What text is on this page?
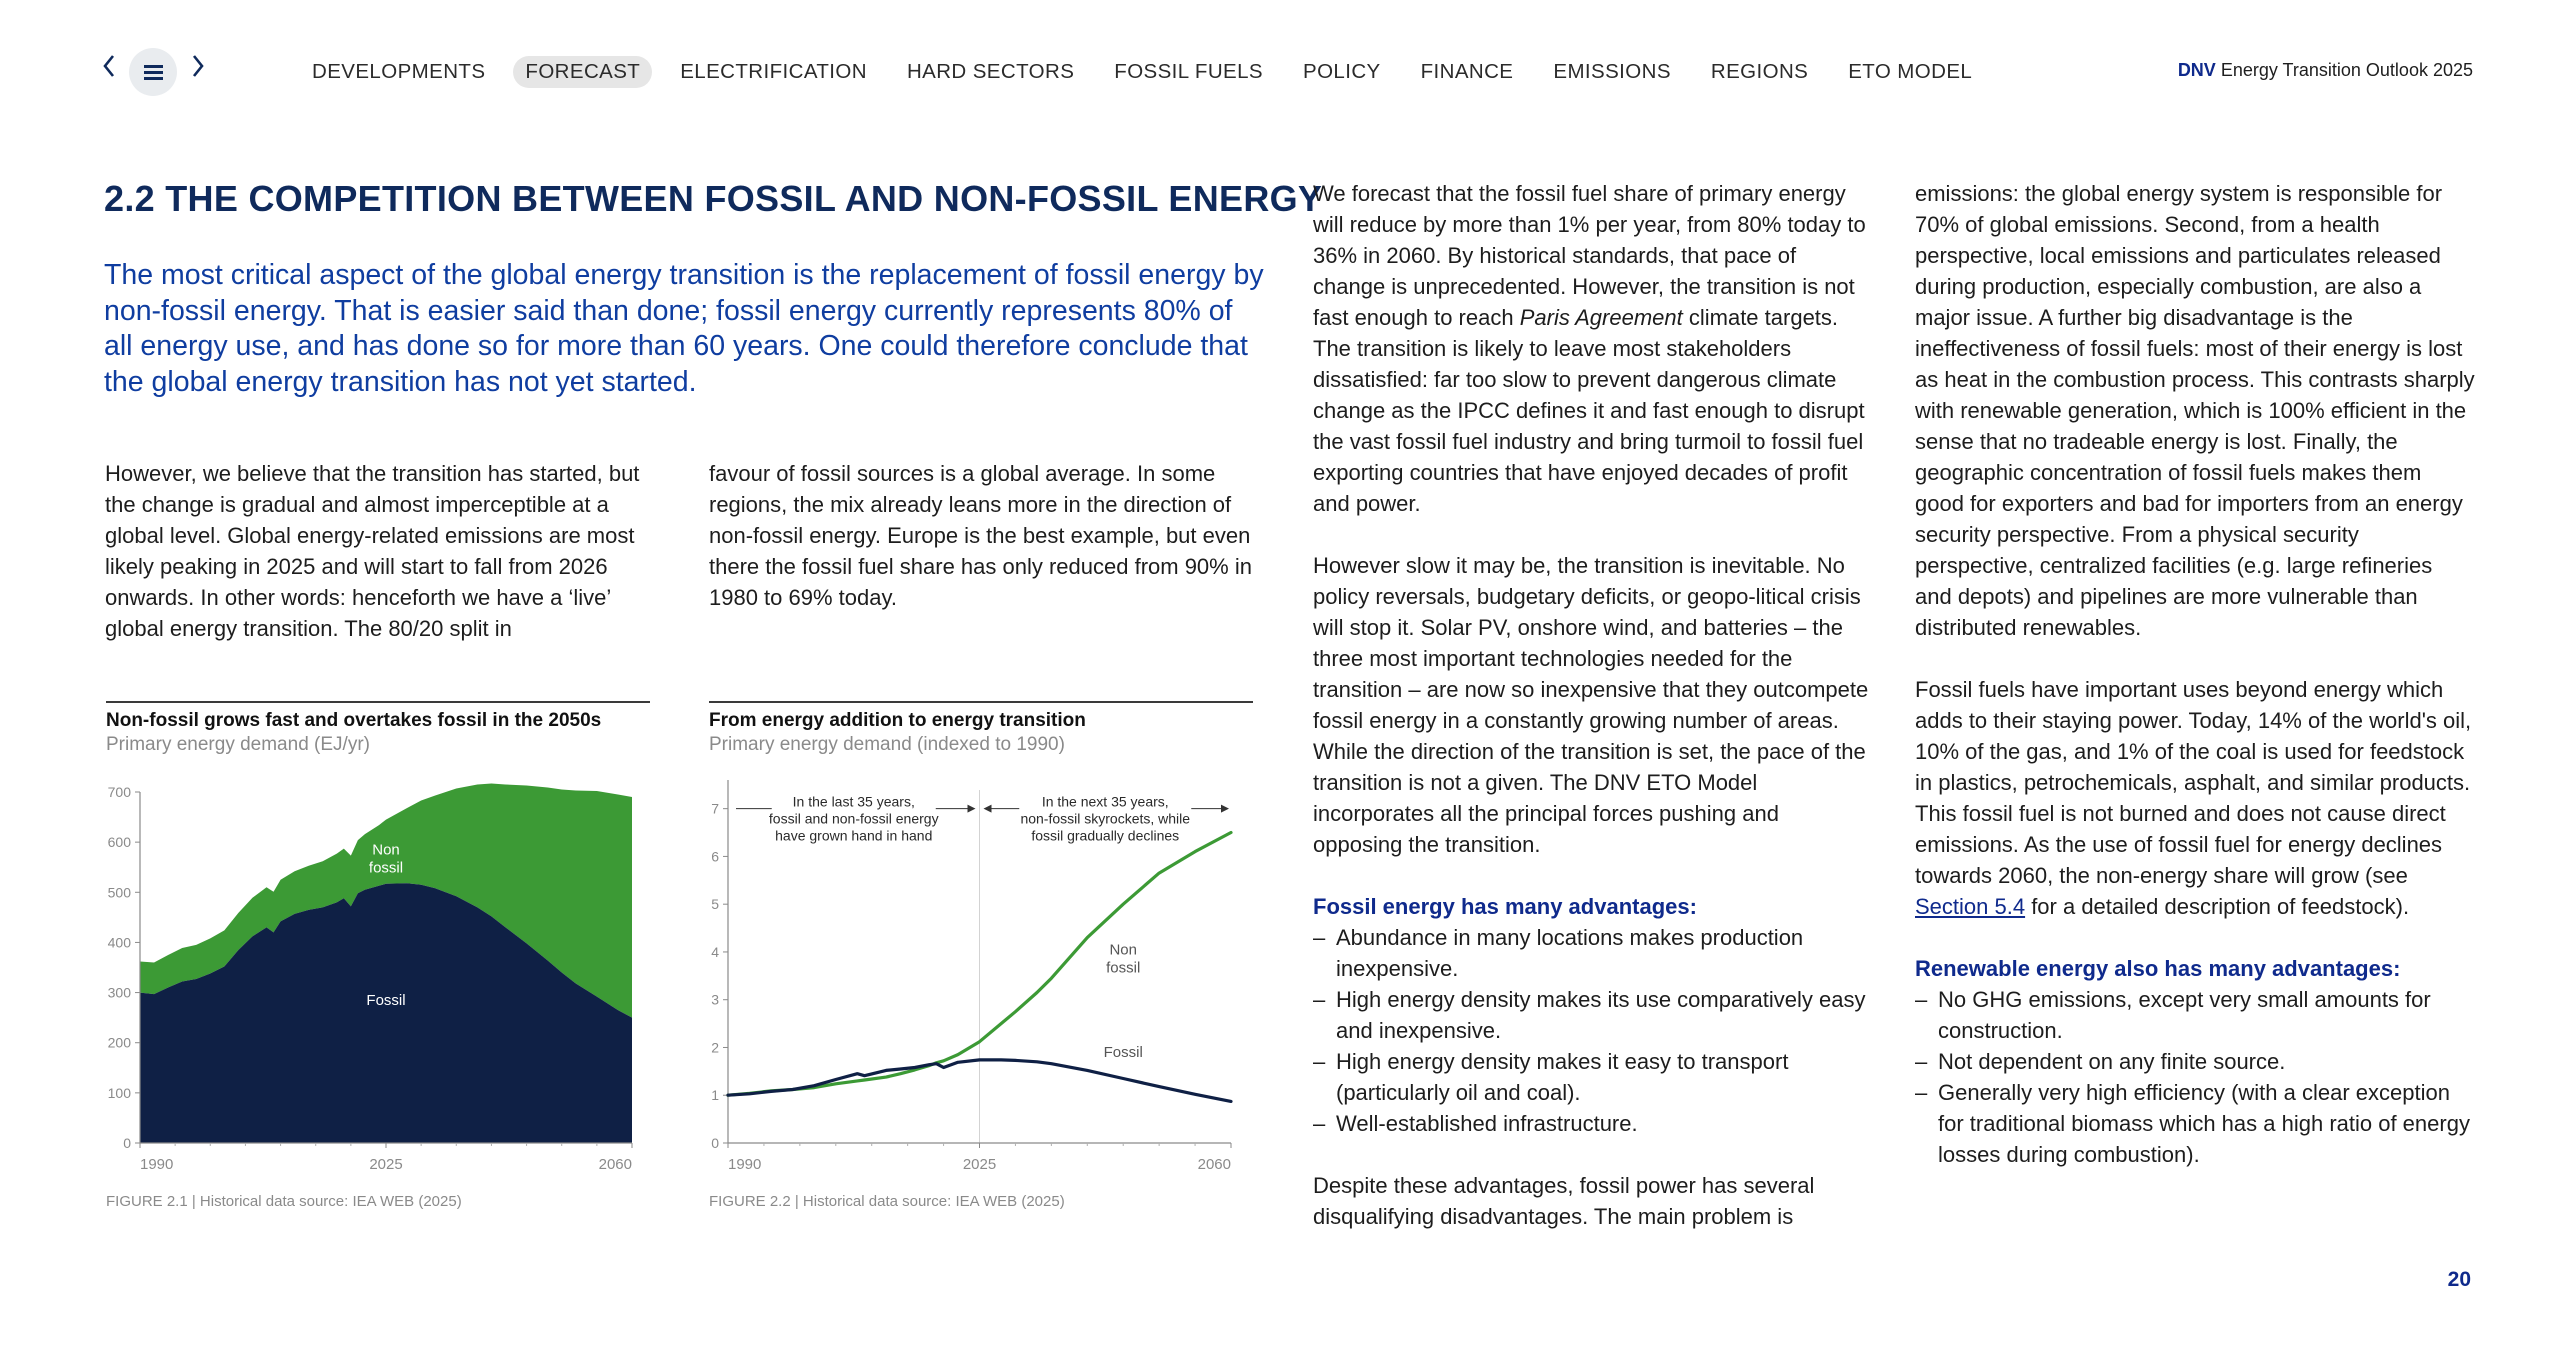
DEVELOPMENTS	FORECAST	ELECTRIFICATION	HARD SECTORS	FOSSIL FUELS	POLICY	FINANCE	EMISSIONS	REGIONS	ETO MODEL	DNV Energy Transition Outlook 2025
2.2 THE COMPETITION BETWEEN FOSSIL AND NON-FOSSIL ENERGY
The most critical aspect of the global energy transition is the replacement of fossil energy by non-fossil energy. That is easier said than done; fossil energy currently represents 80% of all energy use, and has done so for more than 60 years. One could therefore conclude that the global energy transition has not yet started.
However, we believe that the transition has started, but the change is gradual and almost imperceptible at a global level. Global energy-related emissions are most likely peaking in 2025 and will start to fall from 2026 onwards. In other words: henceforth we have a ‘live’ global energy transition. The 80/20 split in
favour of fossil sources is a global average. In some regions, the mix already leans more in the direction of non-fossil energy. Europe is the best example, but even there the fossil fuel share has only reduced from 90% in 1980 to 69% today.

We forecast that the fossil fuel share of primary energy will reduce by more than 1% per year, from 80% today to 36% in 2060. By historical standards, that pace of change is unprecedented. However, the transition is not fast enough to reach Paris Agreement climate targets. The transition is likely to leave most stakeholders dissatisfied: far too slow to prevent dangerous climate change as the IPCC defines it and fast enough to disrupt the vast fossil fuel industry and bring turmoil to fossil fuel exporting countries that have enjoyed decades of profit and power.

However slow it may be, the transition is inevitable. No policy reversals, budgetary deficits, or geopo-litical crisis will stop it. Solar PV, onshore wind, and batteries – the three most important technologies needed for the transition – are now so inexpensive that they outcompete fossil energy in a constantly growing number of areas. While the direction of the transition is set, the pace of the transition is not a given. The DNV ETO Model incorporates all the principal forces pushing and opposing the transition.

Fossil energy has many advantages:
– Abundance in many locations makes production inexpensive.
– High energy density makes its use comparatively easy and inexpensive.
– High energy density makes it easy to transport (particularly oil and coal).
– Well-established infrastructure.

Despite these advantages, fossil power has several disqualifying disadvantages. The main problem is

emissions: the global energy system is responsible for 70% of global emissions. Second, from a health perspective, local emissions and particulates released during production, especially combustion, are also a major issue. A further big disadvantage is the ineffectiveness of fossil fuels: most of their energy is lost as heat in the combustion process. This contrasts sharply with renewable generation, which is 100% efficient in the sense that no tradeable energy is lost. Finally, the geographic concentration of fossil fuels makes them good for exporters and bad for importers from an energy security perspective. From a physical security perspective, centralized facilities (e.g. large refineries and depots) and pipelines are more vulnerable than distributed renewables.

Fossil fuels have important uses beyond energy which adds to their staying power. Today, 14% of the world's oil, 10% of the gas, and 1% of the coal is used for feedstock in plastics, petrochemicals, asphalt, and similar products. This fossil fuel is not burned and does not cause direct emissions. As the use of fossil fuel for energy declines towards 2060, the non-energy share will grow (see Section 5.4 for a detailed description of feedstock).

Renewable energy also has many advantages:
– No GHG emissions, except very small amounts for construction.
– Not dependent on any finite source.
– Generally very high efficiency (with a clear exception for traditional biomass which has a high ratio of energy losses during combustion).
Non-fossil grows fast and overtakes fossil in the 2050s
Primary energy demand (EJ/yr)
0
100
200
300
400
500
600
700
1990	2025	2060
Non
fossil
Fossil
FIGURE 2.1 | Historical data source: IEA WEB (2025)
From energy addition to energy transition
Primary energy demand (indexed to 1990)
0
1
2
3
4
5
6
7
1990	2025	2060
In the last 35 years,
fossil and non-fossil energy
have grown hand in hand
In the next 35 years,
non-fossil skyrockets, while
fossil gradually declines
Non
fossil
Fossil
FIGURE 2.2 | Historical data source: IEA WEB (2025)
20
